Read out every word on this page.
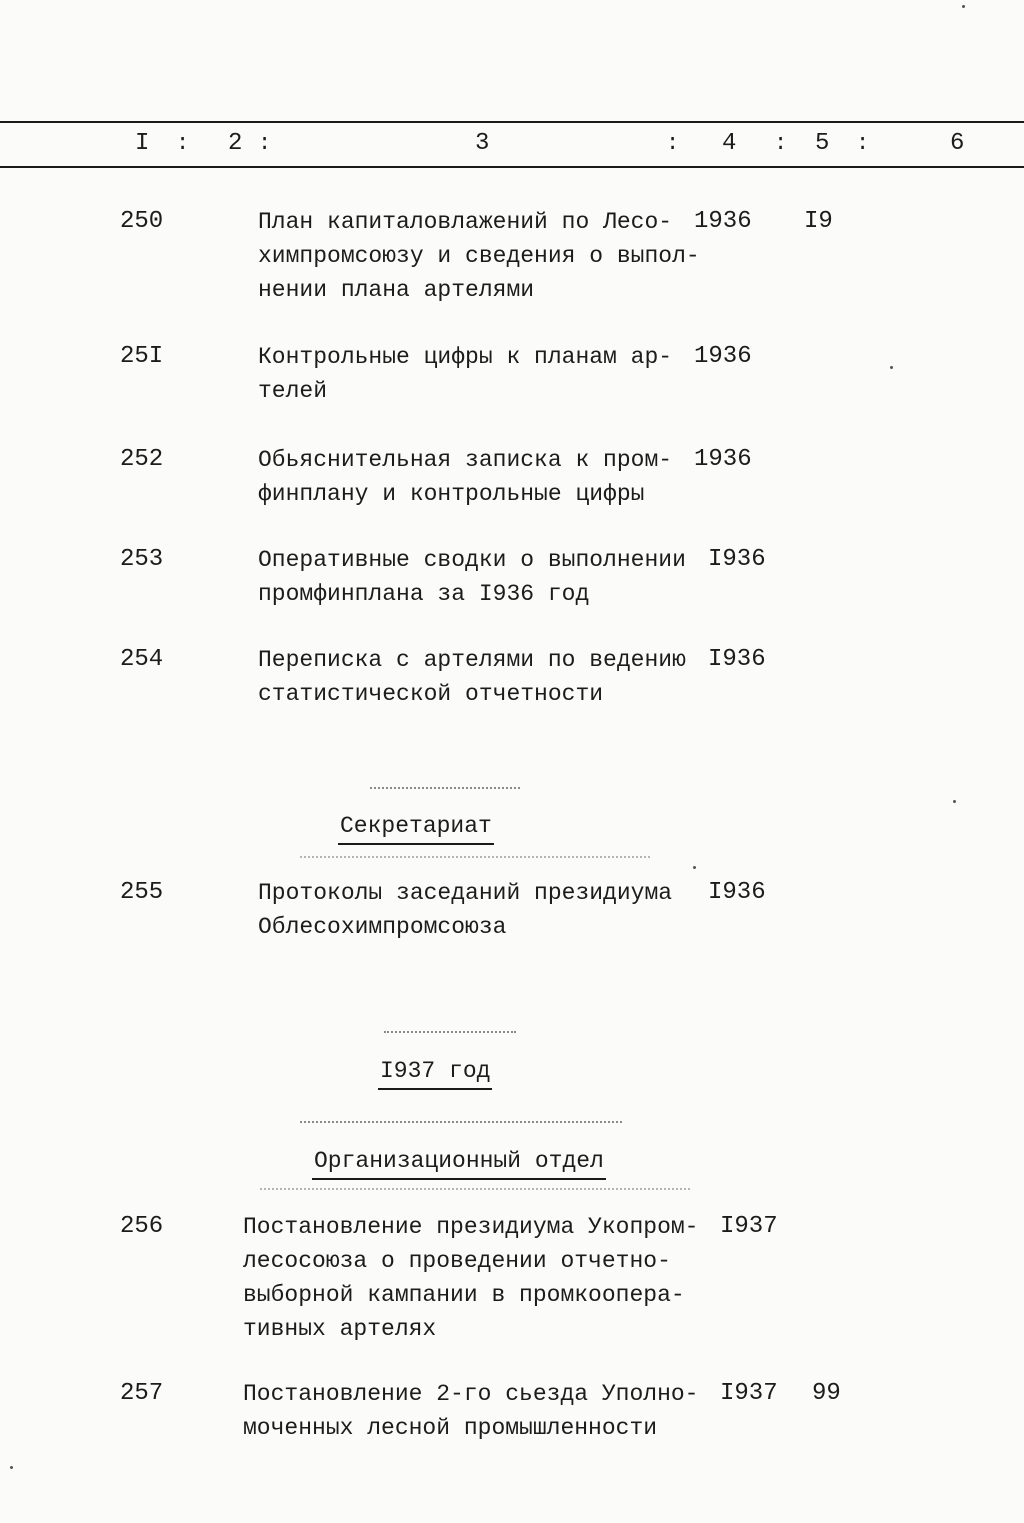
I : 2 :	3	: 4 : 5 :	6
250	План капиталовлажений по Лесо-
химпромсоюзу и сведения о выпол-
нении плана артелями
1936 I9
25I	Контрольные цифры к планам ар-
телей
1936
252	Обьяснительная записка к пром-
финплану и контрольные цифры
1936
253	Оперативные сводки о выполнении
промфинплана за I936 год
I936
254	Переписка с артелями по ведению
статистической отчетности
I936
Секретариат
255	Протоколы заседаний президиума
Облесохимпромсоюза
I936
I937 год
Организационный отдел
256	Постановление президиума Укопром-
лесосоюза о проведении отчетно-
выборной кампании в промкоопера-
тивных артелях
I937
257	Постановление 2-го сьезда Уполно-
моченных лесной промышленности
I937 99
